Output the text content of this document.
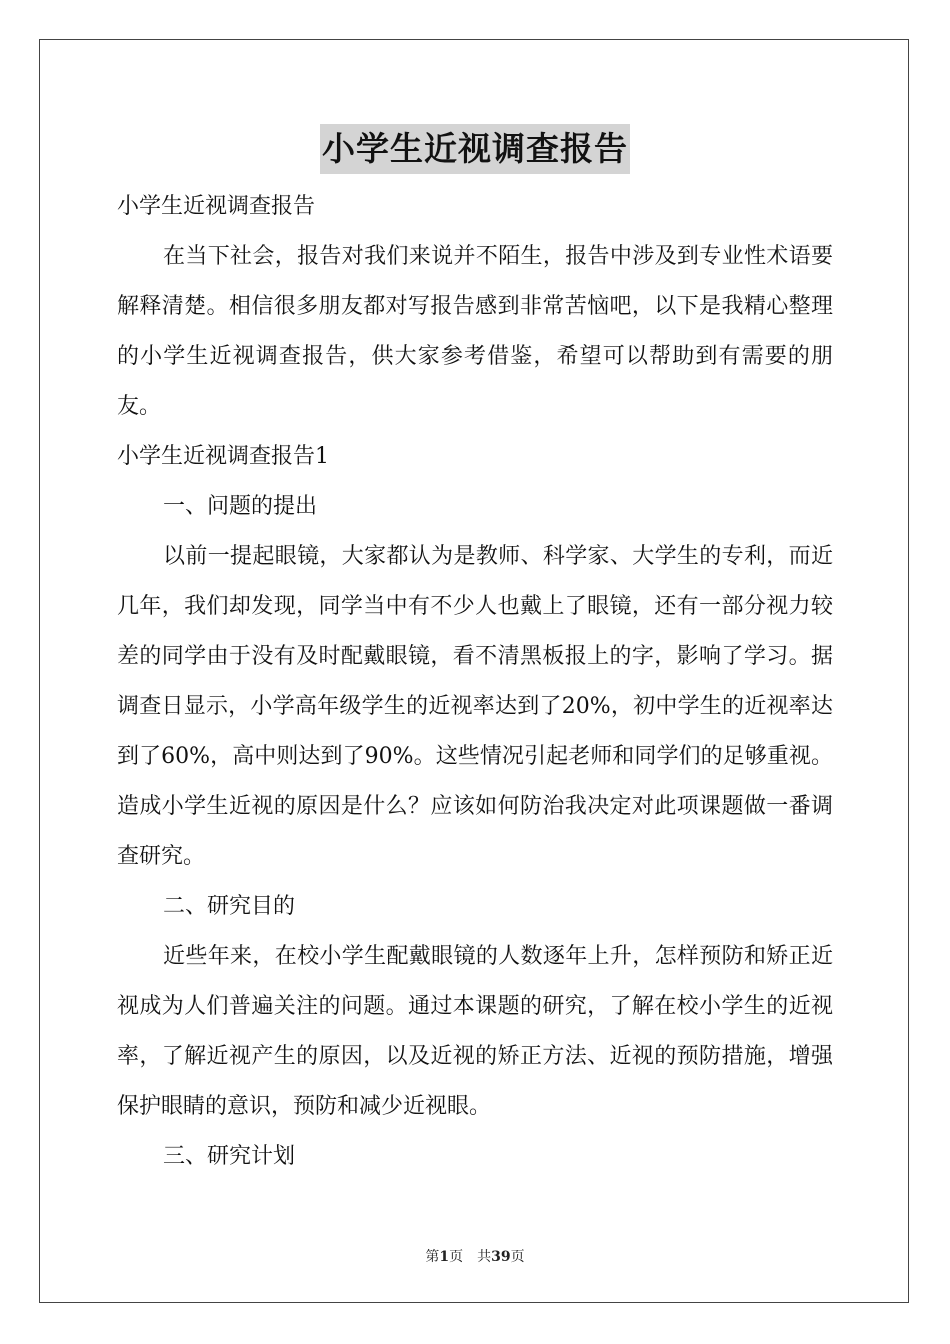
小学生近视调查报告

小学生近视调查报告

在当下社会，报告对我们来说并不陌生，报告中涉及到专业性术语要解释清楚。相信很多朋友都对写报告感到非常苦恼吧，以下是我精心整理的小学生近视调查报告，供大家参考借鉴，希望可以帮助到有需要的朋友。

小学生近视调查报告1

一、问题的提出

以前一提起眼镜，大家都认为是教师、科学家、大学生的专利，而近几年，我们却发现，同学当中有不少人也戴上了眼镜，还有一部分视力较差的同学由于没有及时配戴眼镜，看不清黑板报上的字，影响了学习。据调查日显示，小学高年级学生的近视率达到了20%，初中学生的近视率达到了60%，高中则达到了90%。这些情况引起老师和同学们的足够重视。造成小学生近视的原因是什么？应该如何防治我决定对此项课题做一番调查研究。

二、研究目的

近些年来，在校小学生配戴眼镜的人数逐年上升，怎样预防和矫正近视成为人们普遍关注的问题。通过本课题的研究，了解在校小学生的近视率，了解近视产生的原因，以及近视的矫正方法、近视的预防措施，增强保护眼睛的意识，预防和减少近视眼。

三、研究计划

第1页　共39页
